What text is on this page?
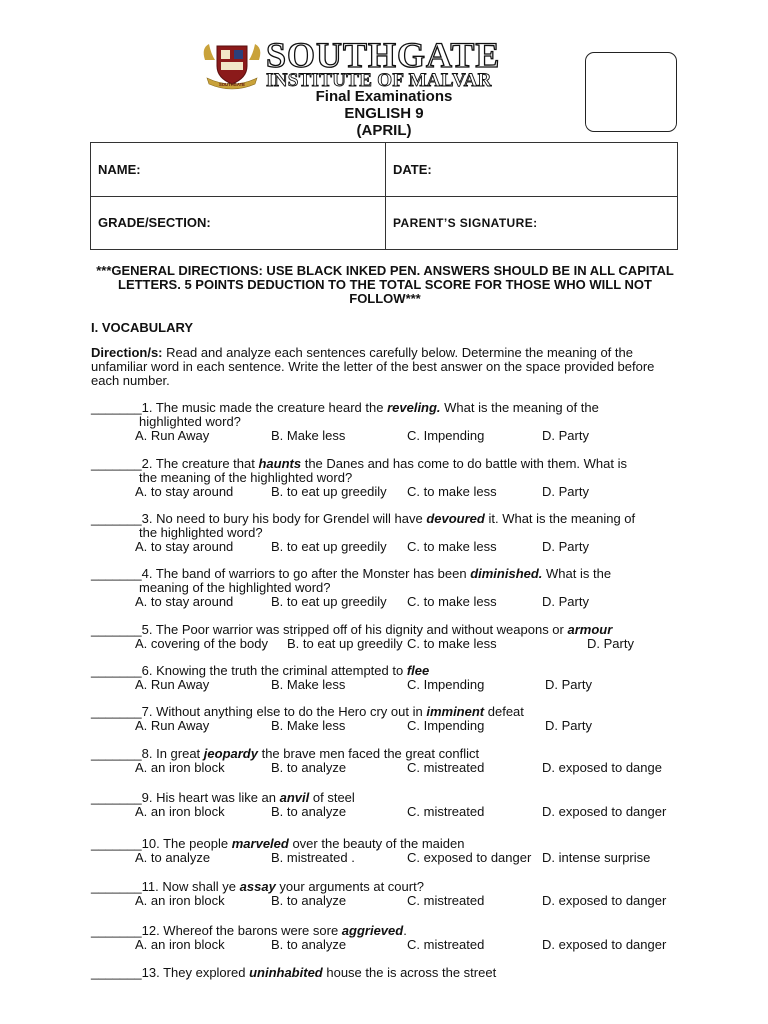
SOUTHGATE
SOUTHGATE
INSTITUTE OF MALVAR
Final Examinations
ENGLISH 9
(APRIL)
NAME:	DATE:
GRADE/SECTION:	PARENT’S SIGNATURE:
***GENERAL DIRECTIONS: USE BLACK INKED PEN. ANSWERS SHOULD BE IN ALL CAPITAL LETTERS. 5 POINTS DEDUCTION TO THE TOTAL SCORE FOR THOSE WHO WILL NOT FOLLOW***
I. VOCABULARY
Direction/s: Read and analyze each sentences carefully below. Determine the meaning of the unfamiliar word in each sentence. Write the letter of the best answer on the space provided before each number.
_______1. The music made the creature heard the reveling. What is the meaning of the
highlighted word?
A. Run Away	B. Make less	C. Impending	D. Party
_______2. The creature that haunts the Danes and has come to do battle with them. What is
the meaning of the highlighted word?
A. to stay around	B. to eat up greedily C. to make less	D. Party
_______3. No need to bury his body for Grendel will have devoured it. What is the meaning of
the highlighted word?
A. to stay around	B. to eat up greedily C. to make less	D. Party
_______4. The band of warriors to go after the Monster has been diminished. What is the
meaning of the highlighted word?
A. to stay around	B. to eat up greedily C. to make less	D. Party
_______5. The Poor warrior was stripped off of his dignity and without weapons or armour
A. covering of the body B. to eat up greedily C. to make less	D. Party
_______6. Knowing the truth the criminal attempted to flee
A. Run Away	B. Make less	C. Impending	D. Party
_______7. Without anything else to do the Hero cry out in imminent defeat
A. Run Away	B. Make less	C. Impending	D. Party
_______8. In great jeopardy the brave men faced the great conflict
A. an iron block	B. to analyze	C. mistreated	D. exposed to dange
_______9. His heart was like an anvil of steel
A. an iron block	B. to analyze	C. mistreated	D. exposed to danger
_______10. The people marveled over the beauty of the maiden
A. to analyze	B. mistreated .	C. exposed to danger D. intense surprise
_______11. Now shall ye assay your arguments at court?
A. an iron block	B. to analyze	C. mistreated	D. exposed to danger
_______12. Whereof the barons were sore aggrieved.
A. an iron block	B. to analyze	C. mistreated	D. exposed to danger
_______13. They explored uninhabited house the is across the street
